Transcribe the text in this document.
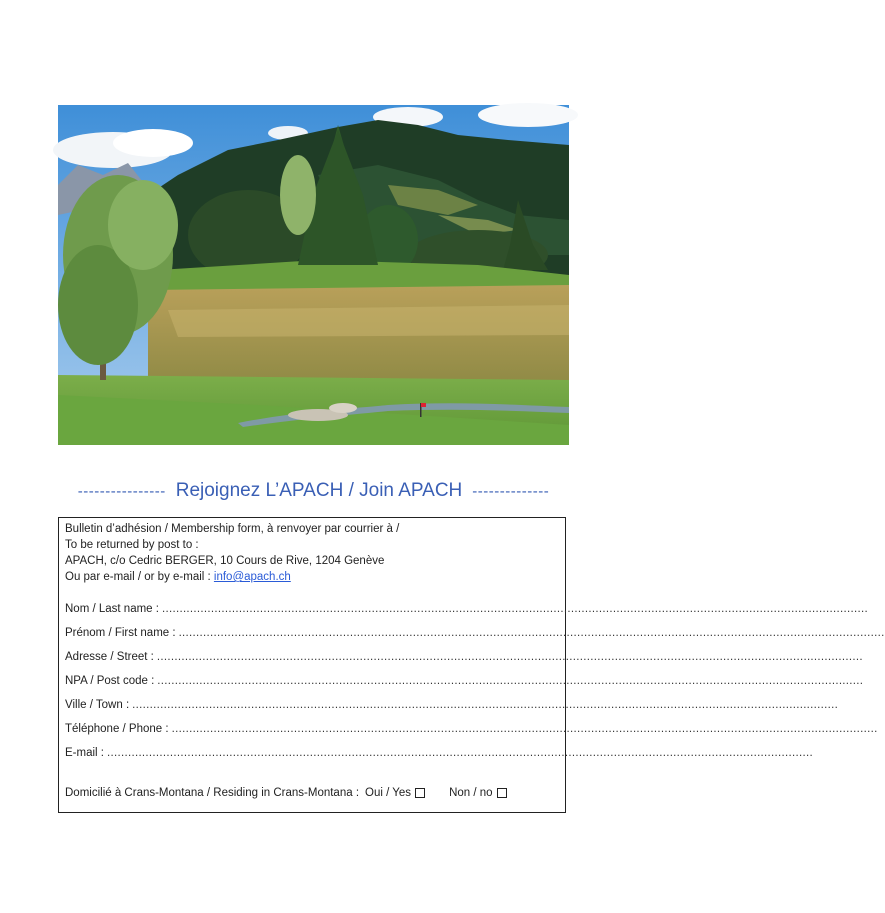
---------------- Rejoignez L’APACH / Join APACH --------------
Bulletin d’adhésion / Membership form, à renvoyer par courrier à /
To be returned by post to :
APACH, c/o Cedric BERGER, 10 Cours de Rive, 1204 Genève
Ou par e-mail / or by e-mail : info@apach.ch
Nom / Last name : ..........................................................................................................................................................................................................
Prénom / First name : ..........................................................................................................................................................................................................
Adresse / Street : ..........................................................................................................................................................................................................
NPA / Post code : ..........................................................................................................................................................................................................
Ville / Town : ..........................................................................................................................................................................................................
Téléphone / Phone : ..........................................................................................................................................................................................................
E-mail : ..........................................................................................................................................................................................................
Domicilié à Crans-Montana / Residing in Crans-Montana : Oui / Yes	Non / no
